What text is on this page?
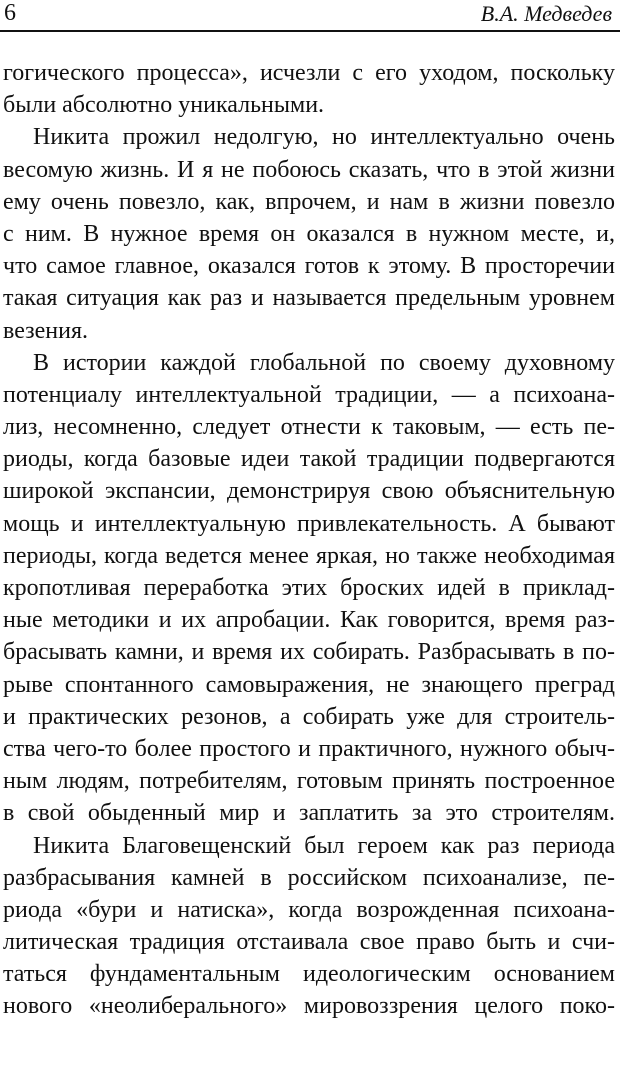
6	В.А. Медведев
гогического процесса», исчезли с его уходом, поскольку
были абсолютно уникальными.
Никита прожил недолгую, но интеллектуально очень
весомую жизнь. И я не побоюсь сказать, что в этой жизни
ему очень повезло, как, впрочем, и нам в жизни повезло
с ним. В нужное время он оказался в нужном месте, и,
что самое главное, оказался готов к этому. В просторечии
такая ситуация как раз и называется предельным уровнем
везения.
В истории каждой глобальной по своему духовному
потенциалу интеллектуальной традиции, — а психоана-
лиз, несомненно, следует отнести к таковым, — есть пе-
риоды, когда базовые идеи такой традиции подвергаются
широкой экспансии, демонстрируя свою объяснительную
мощь и интеллектуальную привлекательность. А бывают
периоды, когда ведется менее яркая, но также необходимая
кропотливая переработка этих броских идей в приклад-
ные методики и их апробации. Как говорится, время раз-
брасывать камни, и время их собирать. Разбрасывать в по-
рыве спонтанного самовыражения, не знающего преград
и практических резонов, а собирать уже для строитель-
ства чего-то более простого и практичного, нужного обыч-
ным людям, потребителям, готовым принять построенное
в свой обыденный мир и заплатить за это строителям.
Никита Благовещенский был героем как раз периода
разбрасывания камней в российском психоанализе, пе-
риода «бури и натиска», когда возрожденная психоана-
литическая традиция отстаивала свое право быть и счи-
таться фундаментальным идеологическим основанием
нового «неолиберального» мировоззрения целого поко-
